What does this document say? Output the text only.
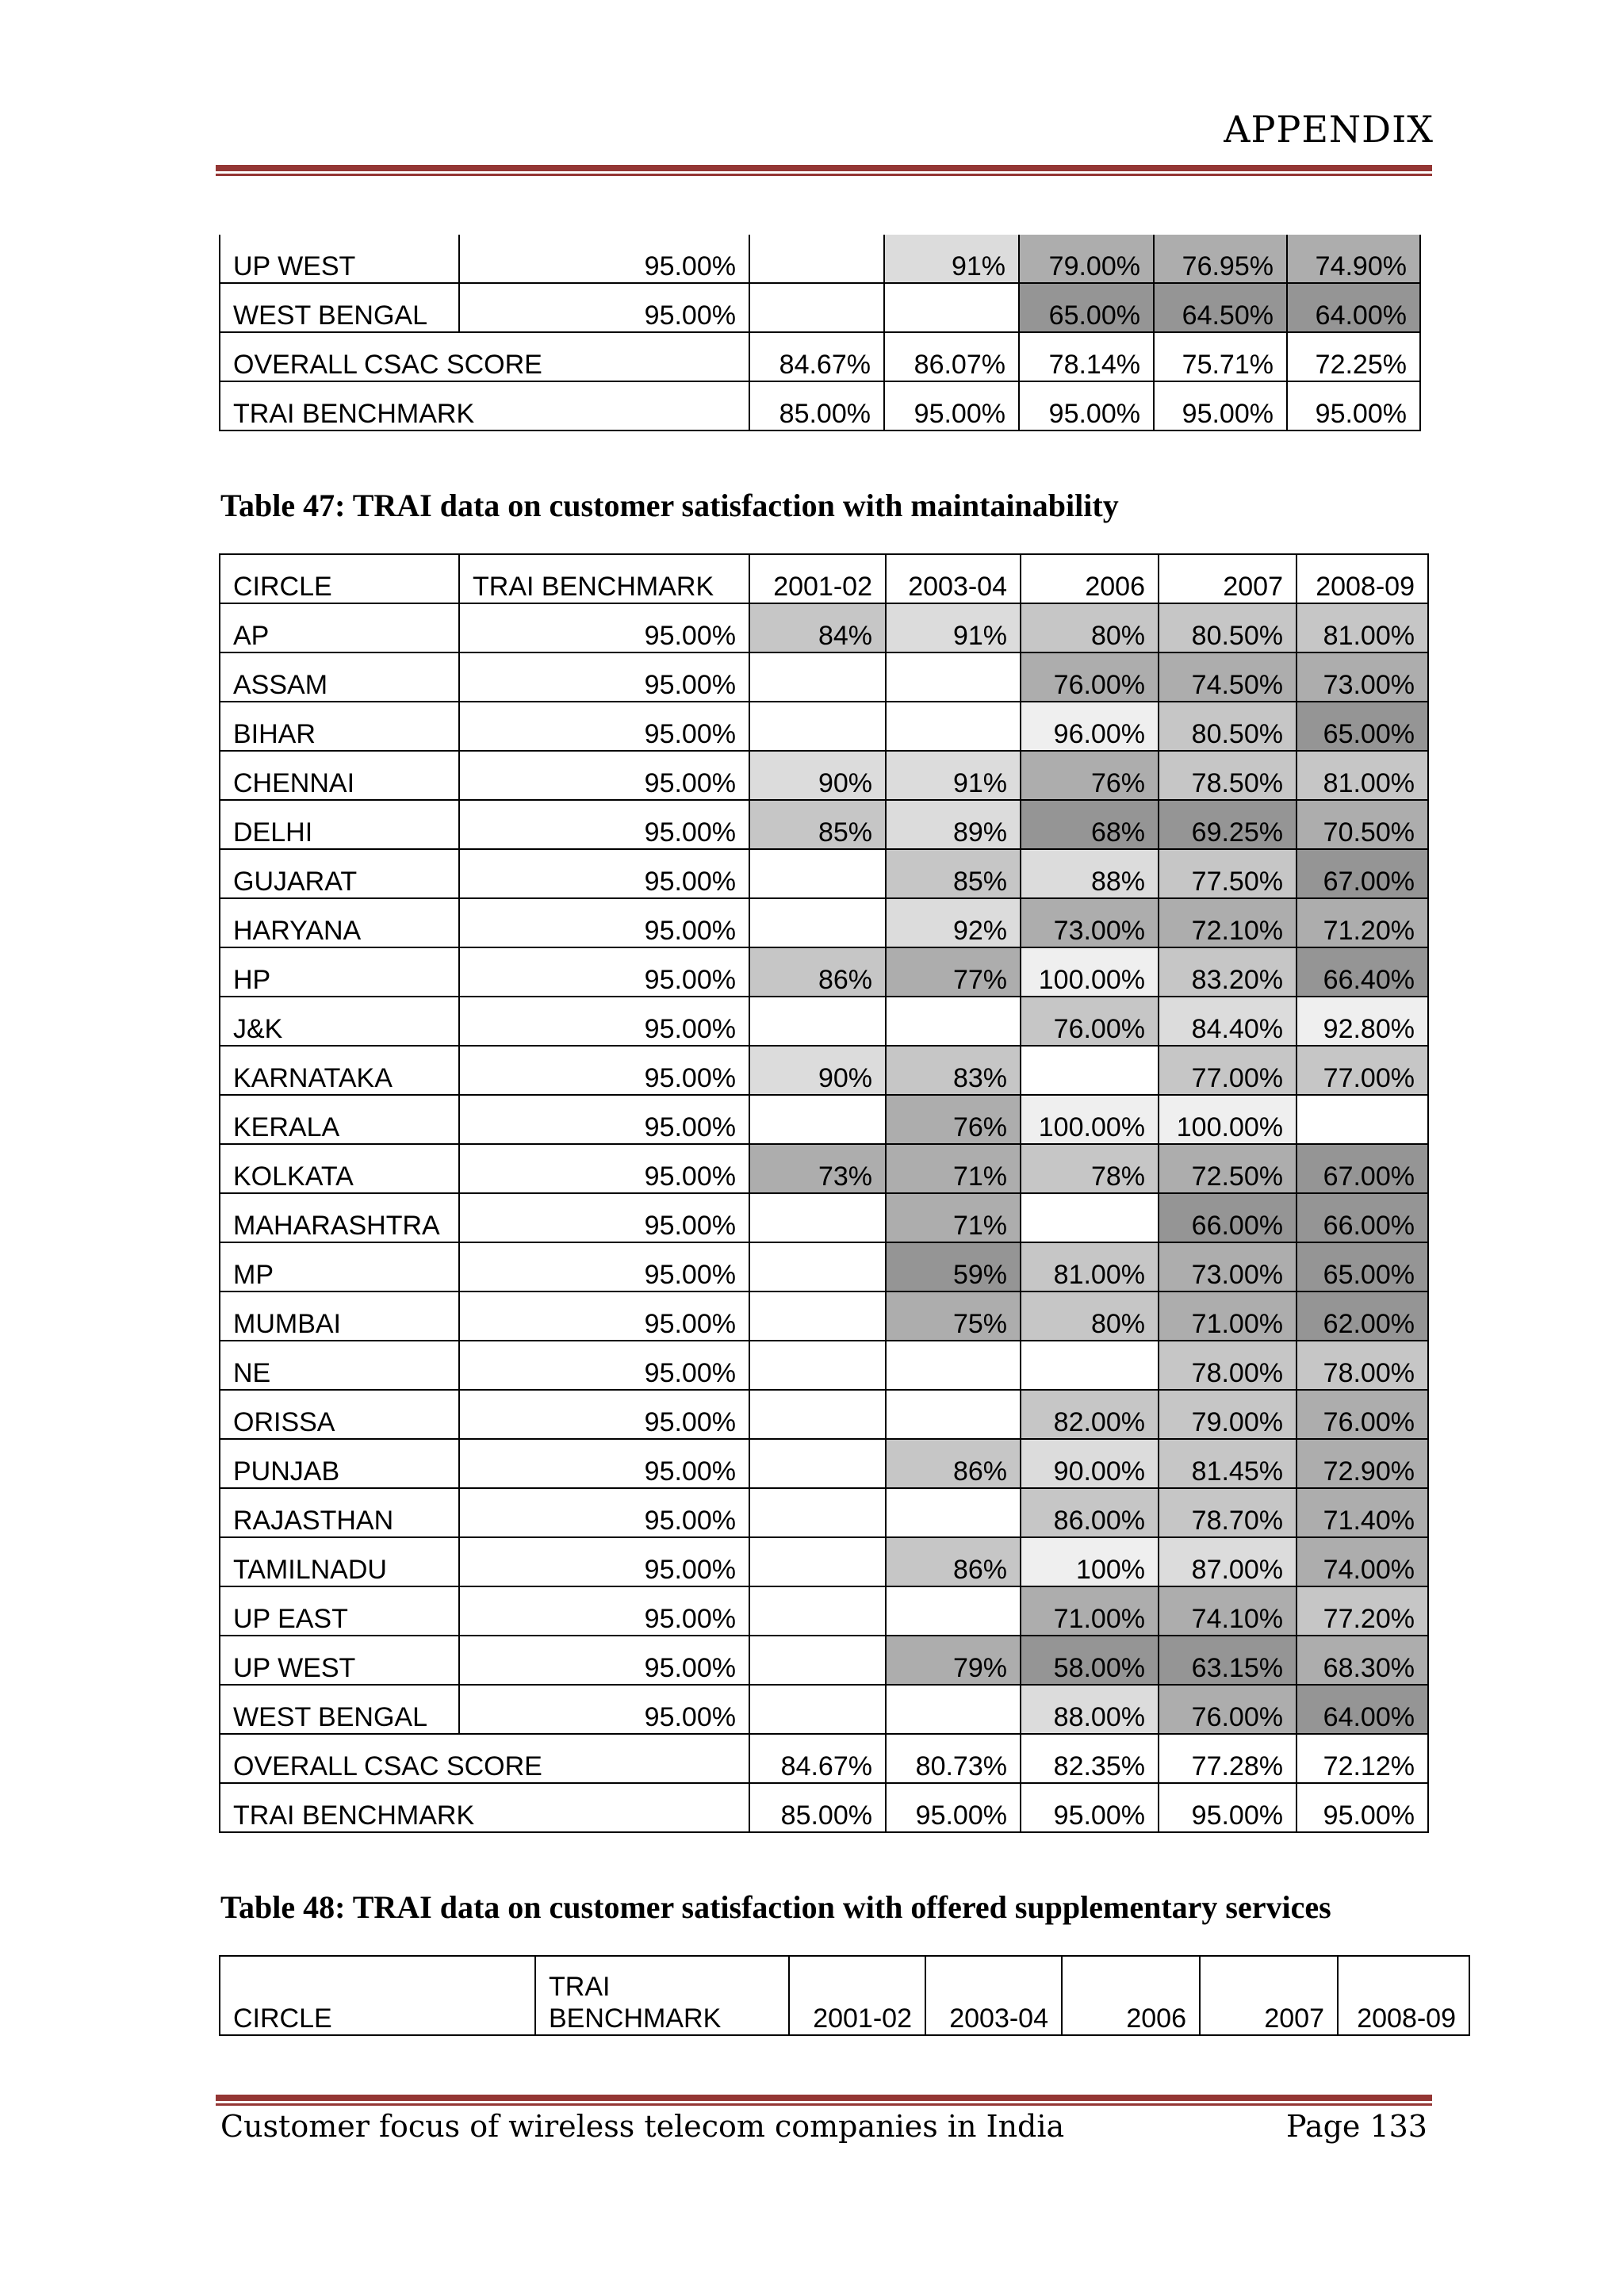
APPENDIX
UP WEST	95.00%		91%	79.00%	76.95%	74.90%
WEST BENGAL	95.00%			65.00%	64.50%	64.00%
OVERALL CSAC SCORE		84.67%	86.07%	78.14%	75.71%	72.25%
TRAI BENCHMARK		85.00%	95.00%	95.00%	95.00%	95.00%
Table 47: TRAI data on customer satisfaction with maintainability
CIRCLE	TRAI BENCHMARK	2001-02	2003-04	2006	2007	2008-09
AP	95.00%	84%	91%	80%	80.50%	81.00%
ASSAM	95.00%			76.00%	74.50%	73.00%
BIHAR	95.00%			96.00%	80.50%	65.00%
CHENNAI	95.00%	90%	91%	76%	78.50%	81.00%
DELHI	95.00%	85%	89%	68%	69.25%	70.50%
GUJARAT	95.00%		85%	88%	77.50%	67.00%
HARYANA	95.00%		92%	73.00%	72.10%	71.20%
HP	95.00%	86%	77%	100.00%	83.20%	66.40%
J&K	95.00%			76.00%	84.40%	92.80%
KARNATAKA	95.00%	90%	83%		77.00%	77.00%
KERALA	95.00%		76%	100.00%	100.00%	
KOLKATA	95.00%	73%	71%	78%	72.50%	67.00%
MAHARASHTRA	95.00%		71%		66.00%	66.00%
MP	95.00%		59%	81.00%	73.00%	65.00%
MUMBAI	95.00%		75%	80%	71.00%	62.00%
NE	95.00%				78.00%	78.00%
ORISSA	95.00%			82.00%	79.00%	76.00%
PUNJAB	95.00%		86%	90.00%	81.45%	72.90%
RAJASTHAN	95.00%			86.00%	78.70%	71.40%
TAMILNADU	95.00%		86%	100%	87.00%	74.00%
UP EAST	95.00%			71.00%	74.10%	77.20%
UP WEST	95.00%		79%	58.00%	63.15%	68.30%
WEST BENGAL	95.00%			88.00%	76.00%	64.00%
OVERALL CSAC SCORE		84.67%	80.73%	82.35%	77.28%	72.12%
TRAI BENCHMARK		85.00%	95.00%	95.00%	95.00%	95.00%
Table 48: TRAI data on customer satisfaction with offered supplementary services
CIRCLE	TRAI BENCHMARK	2001-02	2003-04	2006	2007	2008-09
Customer focus of wireless telecom companies in India	Page 133
